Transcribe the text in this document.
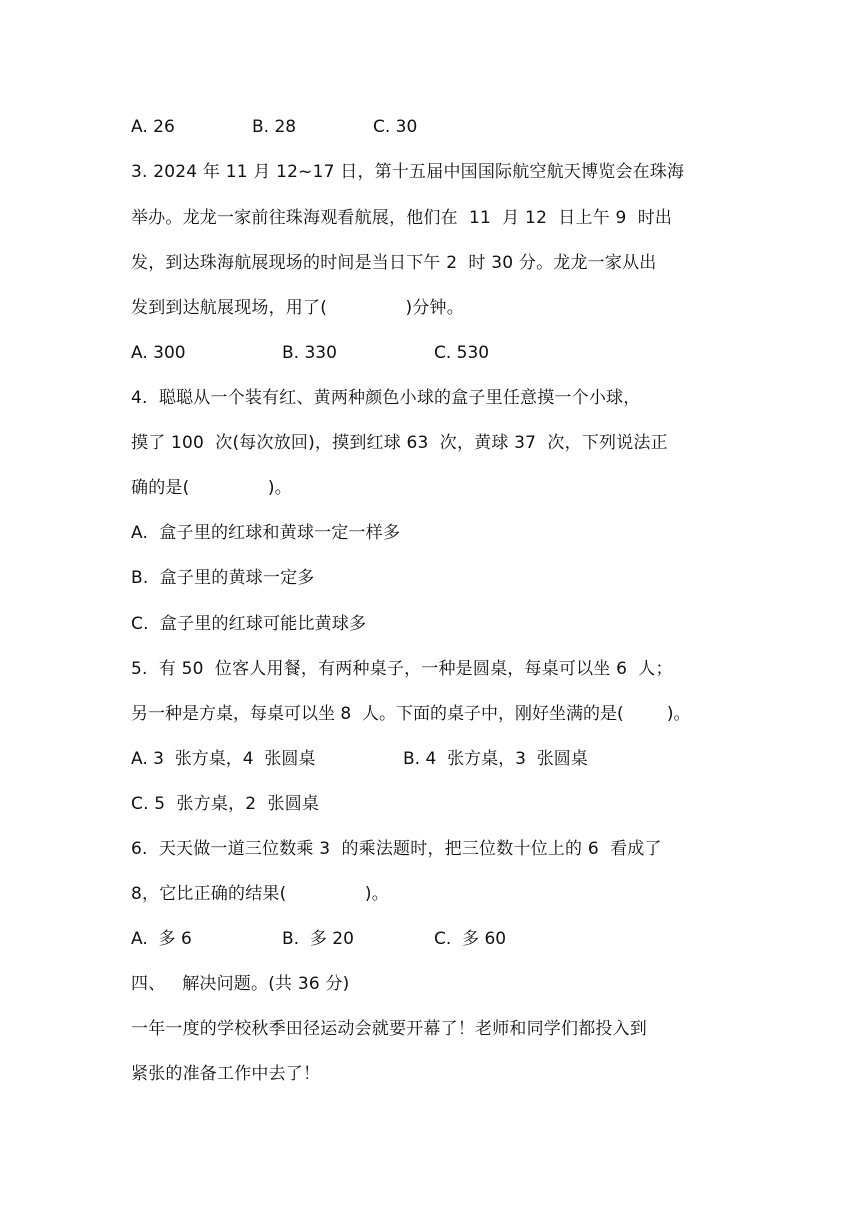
A. 26	B. 28	C. 30
3. 2024 年 11 月 12~17 日，第十五届中国国际航空航天博览会在珠海
举办。龙龙一家前往珠海观看航展，他们在  11  月 12  日上午 9  时出
发，到达珠海航展现场的时间是当日下午 2  时 30 分。龙龙一家从出
发到到达航展现场，用了(              )分钟。
A. 300	B. 330	C. 530
4.  聪聪从一个装有红、黄两种颜色小球的盒子里任意摸一个小球，
摸了 100  次(每次放回)，摸到红球 63  次，黄球 37  次，下列说法正
确的是(              )。
A.  盒子里的红球和黄球一定一样多
B.  盒子里的黄球一定多
C.  盒子里的红球可能比黄球多
5.  有 50  位客人用餐，有两种桌子，一种是圆桌，每桌可以坐 6  人；
另一种是方桌，每桌可以坐 8  人。下面的桌子中，刚好坐满的是(        )。
A. 3  张方桌，4  张圆桌	B. 4  张方桌，3  张圆桌
C. 5  张方桌，2  张圆桌
6.  天天做一道三位数乘 3  的乘法题时，把三位数十位上的 6  看成了
8，它比正确的结果(              )。
A.  多 6	B.  多 20	C.  多 60
四、   解决问题。(共 36 分)
一年一度的学校秋季田径运动会就要开幕了！老师和同学们都投入到
紧张的准备工作中去了！
